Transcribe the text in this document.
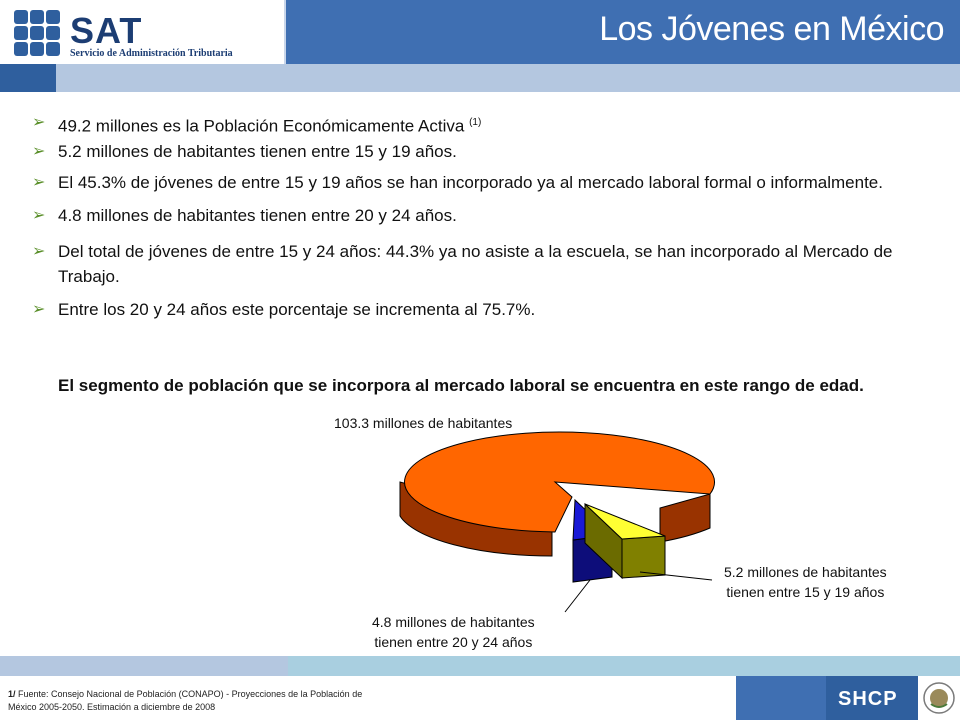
SAT
Servicio de Administración Tributaria
Los Jóvenes en México
➢ 49.2 millones es la Población Económicamente Activa $^{(1)}$
➢ 5.2 millones de habitantes tienen entre 15 y 19 años.
➢ El 45.3% de jóvenes de entre 15 y 19 años se han incorporado ya al mercado laboral formal o informalmente.
➢ 4.8 millones de habitantes tienen entre 20 y 24 años.
➢ Del total de jóvenes de entre 15 y 24 años: 44.3% ya no asiste a la escuela, se han incorporado al Mercado de Trabajo.
➢ Entre los 20 y 24 años este porcentaje se incrementa al 75.7%.
El segmento de población que se incorpora al mercado laboral se encuentra en este rango de edad.
103.3 millones de habitantes
5.2 millones de habitantes
tienen entre 15 y 19 años
4.8 millones de habitantes
tienen entre 20 y 24 años
SHCP
1/ Fuente: Consejo Nacional de Población (CONAPO) - Proyecciones de la Población de México 2005-2050. Estimación a diciembre de 2008
